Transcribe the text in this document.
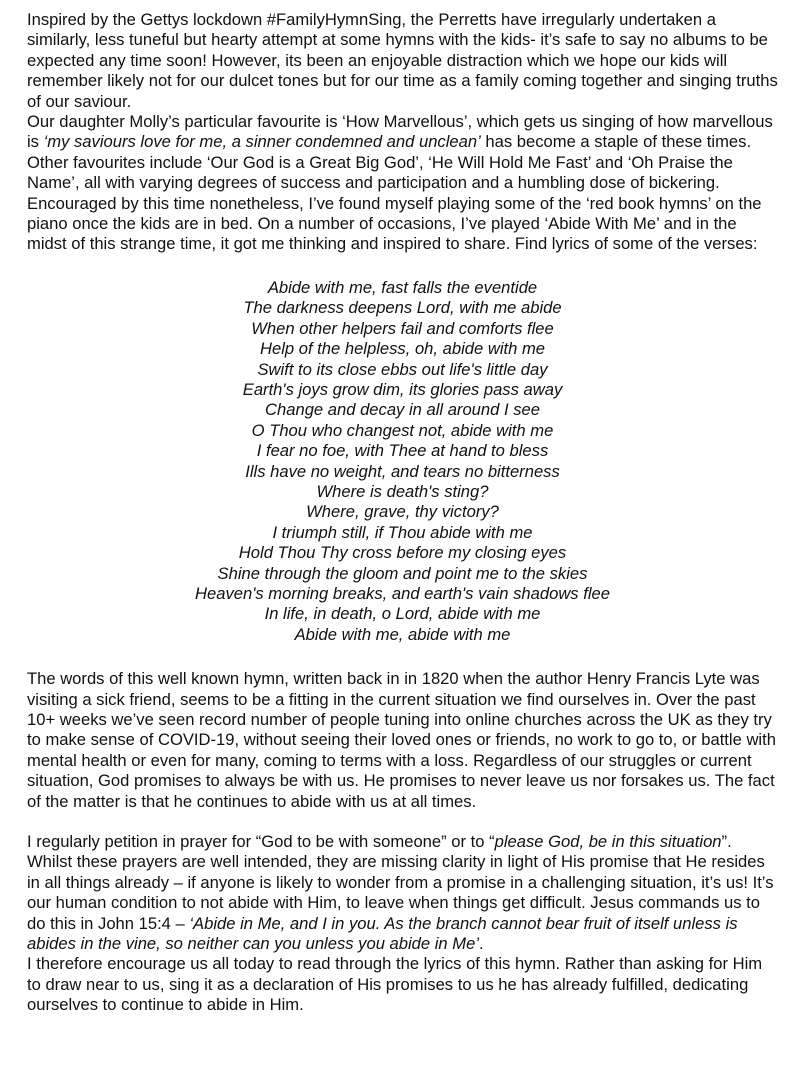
Inspired by the Gettys lockdown #FamilyHymnSing, the Perretts have irregularly undertaken a similarly, less tuneful but hearty attempt at some hymns with the kids- it’s safe to say no albums to be expected any time soon! However, its been an enjoyable distraction which we hope our kids will remember likely not for our dulcet tones but for our time as a family coming together and singing truths of our saviour.

Our daughter Molly’s particular favourite is ‘How Marvellous’, which gets us singing of how marvellous is ‘my saviours love for me, a sinner condemned and unclean’ has become a staple of these times. Other favourites include ‘Our God is a Great Big God’, ‘He Will Hold Me Fast’ and ‘Oh Praise the Name’, all with varying degrees of success and participation and a humbling dose of bickering.

Encouraged by this time nonetheless, I’ve found myself playing some of the ‘red book hymns’ on the piano once the kids are in bed. On a number of occasions, I’ve played ‘Abide With Me’ and in the midst of this strange time, it got me thinking and inspired to share. Find lyrics of some of the verses:

Abide with me, fast falls the eventide
The darkness deepens Lord, with me abide
When other helpers fail and comforts flee
Help of the helpless, oh, abide with me
Swift to its close ebbs out life's little day
Earth's joys grow dim, its glories pass away
Change and decay in all around I see
O Thou who changest not, abide with me
I fear no foe, with Thee at hand to bless
Ills have no weight, and tears no bitterness
Where is death's sting?
Where, grave, thy victory?
I triumph still, if Thou abide with me
Hold Thou Thy cross before my closing eyes
Shine through the gloom and point me to the skies
Heaven's morning breaks, and earth's vain shadows flee
In life, in death, o Lord, abide with me
Abide with me, abide with me

The words of this well known hymn, written back in in 1820 when the author Henry Francis Lyte was visiting a sick friend, seems to be a fitting in the current situation we find ourselves in. Over the past 10+ weeks we’ve seen record number of people tuning into online churches across the UK as they try to make sense of COVID-19, without seeing their loved ones or friends, no work to go to, or battle with mental health or even for many, coming to terms with a loss. Regardless of our struggles or current situation, God promises to always be with us. He promises to never leave us nor forsakes us. The fact of the matter is that he continues to abide with us at all times.

I regularly petition in prayer for “God to be with someone” or to “please God, be in this situation”. Whilst these prayers are well intended, they are missing clarity in light of His promise that He resides in all things already – if anyone is likely to wonder from a promise in a challenging situation, it’s us! It’s our human condition to not abide with Him, to leave when things get difficult. Jesus commands us to do this in John 15:4 – ‘Abide in Me, and I in you. As the branch cannot bear fruit of itself unless is abides in the vine, so neither can you unless you abide in Me’.

I therefore encourage us all today to read through the lyrics of this hymn. Rather than asking for Him to draw near to us, sing it as a declaration of His promises to us he has already fulfilled, dedicating ourselves to continue to abide in Him.
